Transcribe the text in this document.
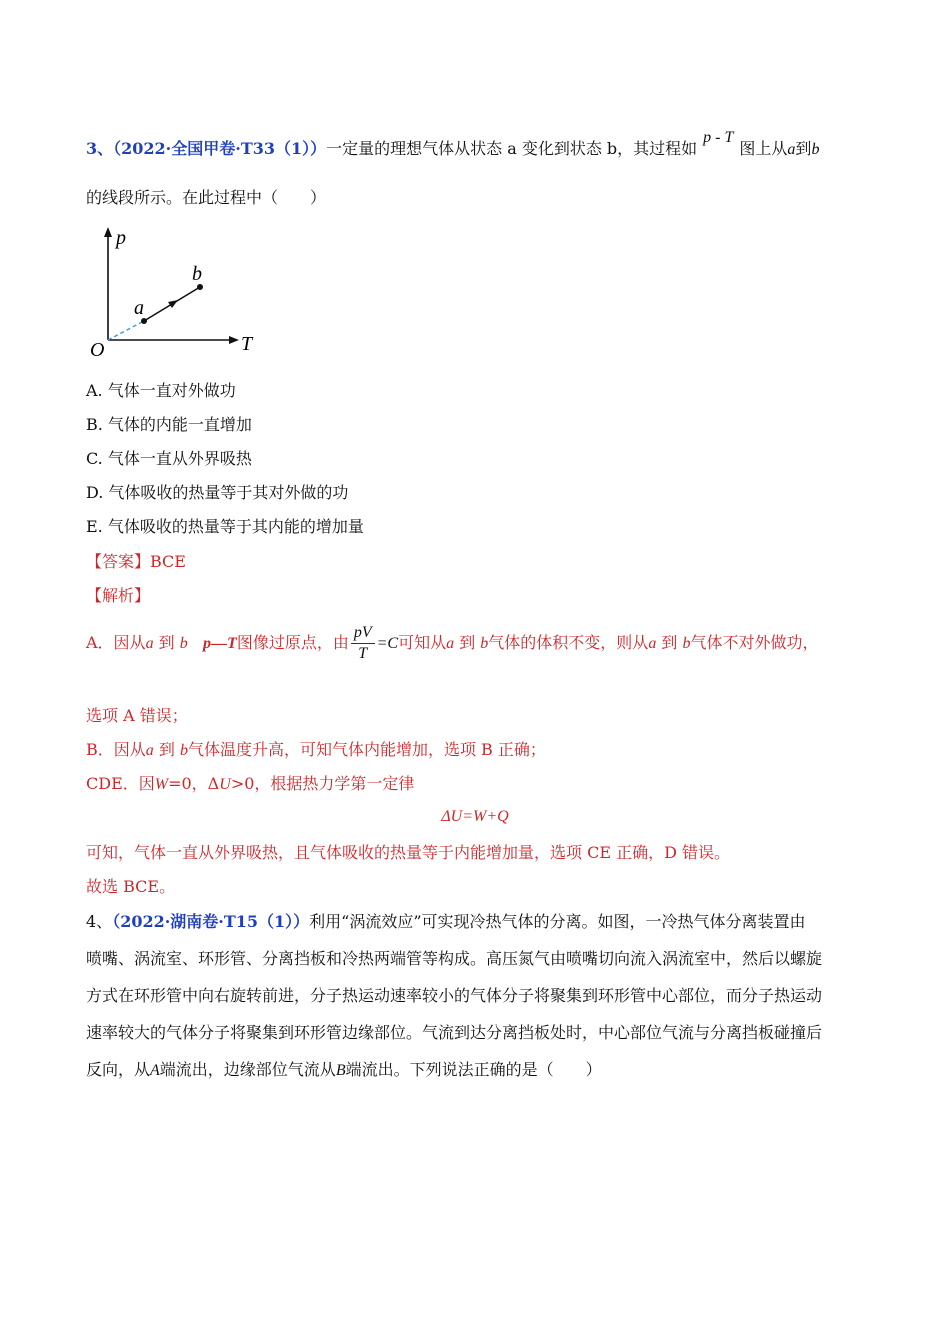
3、（2022·全国甲卷·T33（1））一定量的理想气体从状态 a 变化到状态 b，其过程如p - T图上从a到b
的线段所示。在此过程中（　　）
p
T
O
a
b
A. 气体一直对外做功
B. 气体的内能一直增加
C. 气体一直从外界吸热
D. 气体吸收的热量等于其对外做的功
E. 气体吸收的热量等于其内能的增加量
【答案】BCE
【解析】
A．因从a 到 b p—T图像过原点，由 $\frac{pV}{T} =C$可知从a 到 b气体的体积不变，则从a 到 b气体不对外做功，
选项 A 错误；
B．因从a 到 b气体温度升高，可知气体内能增加，选项 B 正确；
CDE．因W=0，ΔU>0，根据热力学第一定律
ΔU=W+Q
可知，气体一直从外界吸热，且气体吸收的热量等于内能增加量，选项 CE 正确，D 错误。
故选 BCE。
4、（2022·湖南卷·T15（1））利用“涡流效应”可实现冷热气体的分离。如图，一冷热气体分离装置由
喷嘴、涡流室、环形管、分离挡板和冷热两端管等构成。高压氮气由喷嘴切向流入涡流室中，然后以螺旋
方式在环形管中向右旋转前进，分子热运动速率较小的气体分子将聚集到环形管中心部位，而分子热运动
速率较大的气体分子将聚集到环形管边缘部位。气流到达分离挡板处时，中心部位气流与分离挡板碰撞后
反向，从A端流出，边缘部位气流从B端流出。下列说法正确的是（　　）
